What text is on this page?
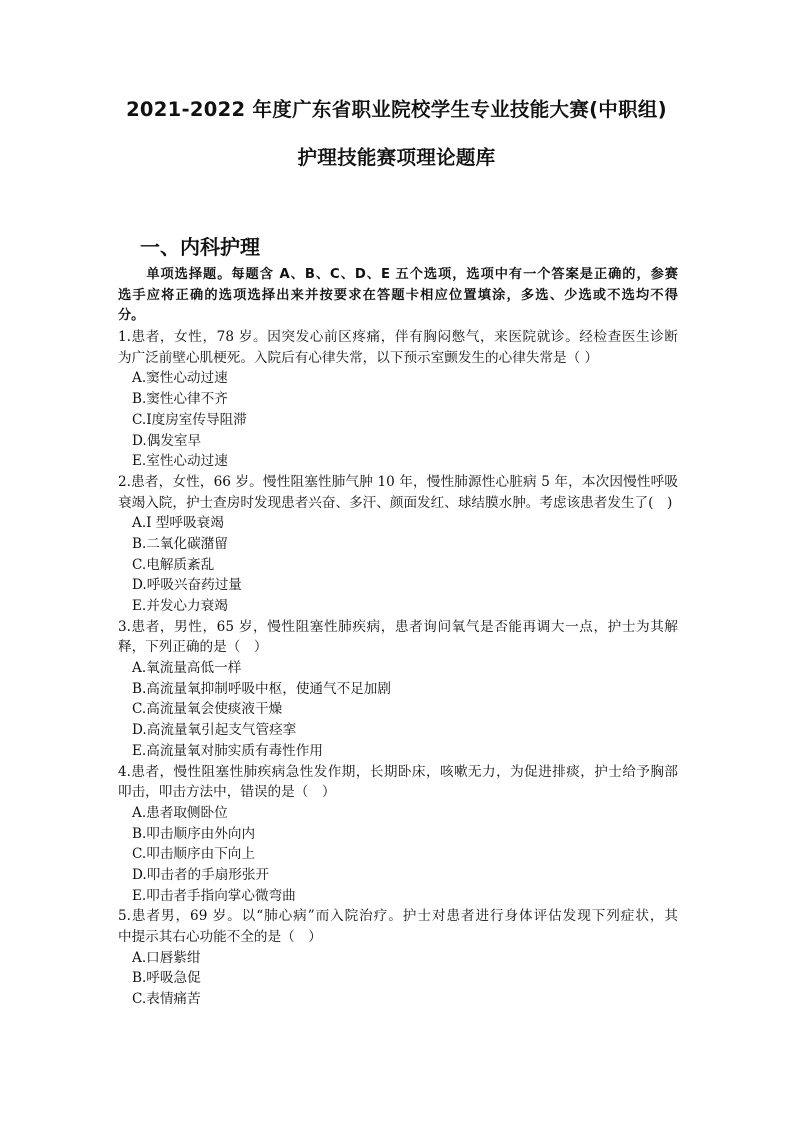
2021-2022 年度广东省职业院校学生专业技能大赛(中职组)
护理技能赛项理论题库
一、内科护理
　　单项选择题。每题含 A、B、C、D、E 五个选项，选项中有一个答案是正确的，参赛
选手应将正确的选项选择出来并按要求在答题卡相应位置填涂，多选、少选或不选均不得
分。
1.患者，女性，78 岁。因突发心前区疼痛，伴有胸闷憋气，来医院就诊。经检查医生诊断
为广泛前壁心肌梗死。入院后有心律失常，以下预示室颤发生的心律失常是（ ）
A.窦性心动过速
B.窦性心律不齐
C.Ⅰ度房室传导阻滞
D.偶发室早
E.室性心动过速
2.患者，女性，66 岁。慢性阻塞性肺气肿 10 年，慢性肺源性心脏病 5 年，本次因慢性呼吸
衰竭入院，护士查房时发现患者兴奋、多汗、颜面发红、球结膜水肿。考虑该患者发生了(　)
A.I 型呼吸衰竭
B.二氧化碳潴留
C.电解质紊乱
D.呼吸兴奋药过量
E.并发心力衰竭
3.患者，男性，65 岁，慢性阻塞性肺疾病，患者询问氧气是否能再调大一点，护士为其解
释，下列正确的是（　）
A.氧流量高低一样
B.高流量氧抑制呼吸中枢，使通气不足加剧
C.高流量氧会使痰液干燥
D.高流量氧引起支气管痉挛
E.高流量氧对肺实质有毒性作用
4.患者，慢性阻塞性肺疾病急性发作期，长期卧床，咳嗽无力，为促进排痰，护士给予胸部
叩击，叩击方法中，错误的是（　）
A.患者取侧卧位
B.叩击顺序由外向内
C.叩击顺序由下向上
D.叩击者的手扇形张开
E.叩击者手指向掌心微弯曲
5.患者男，69 岁。以“肺心病”而入院治疗。护士对患者进行身体评估发现下列症状，其
中提示其右心功能不全的是（　）
A.口唇紫绀
B.呼吸急促
C.表情痛苦
